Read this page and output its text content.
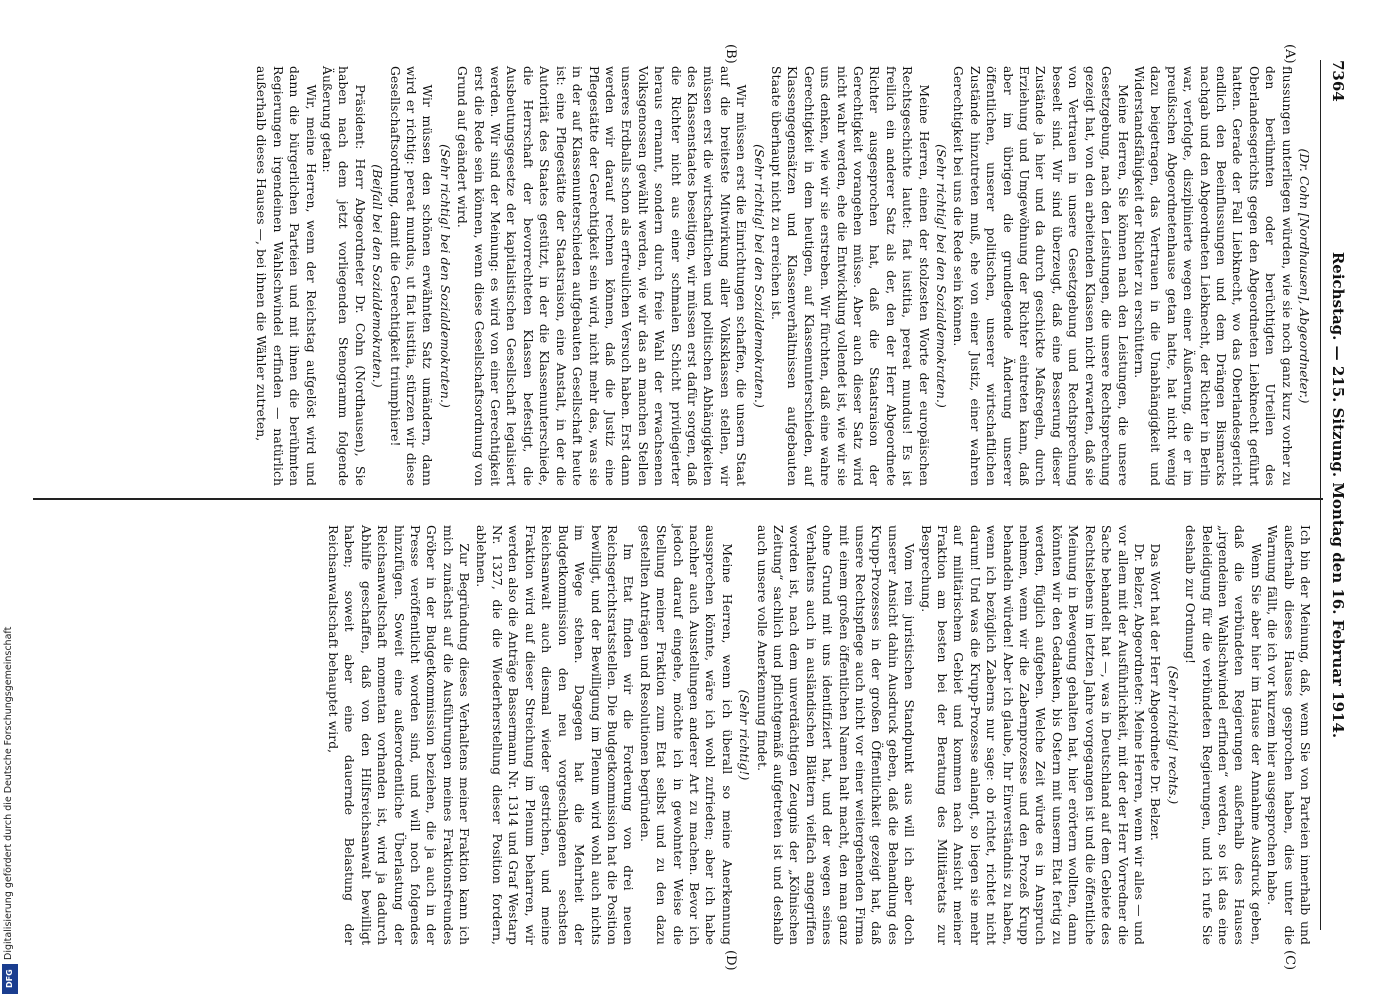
Digitalisierung gefördert durch die Deutsche Forschungsgemeinschaft
DFG
7364
Reichstag. — 215. Sitzung. Montag den 16. Februar 1914.
(A)
(B)
(C)
(D)

(Dr. Cohn [Nordhausen], Abgeordneter.)

flussungen unterliegen würden, wie sie noch ganz kurz vorher zu den berühmten oder berüchtigten Urteilen des Oberlandesgerichts gegen den Abgeordneten Liebknecht geführt hatten. Gerade der Fall Liebknecht, wo das Oberlandesgericht endlich den Beeinflussungen und dem Drängen Bismarcks nachgab und den Abgeordneten Liebknecht, der Richter in Berlin war, verfolgte, disziplinierte wegen einer Äußerung, die er im preußischen Abgeordnetenhause getan hatte, hat nicht wenig dazu beigetragen, das Vertrauen in die Unabhängigkeit und Widerstandsfähigkeit der Richter zu erschüttern.

Meine Herren, Sie können nach den Leistungen, die unsere Gesetzgebung, nach den Leistungen, die unsere Rechtsprechung gezeigt hat, von den arbeitenden Klassen nicht erwarten, daß sie von Vertrauen in unsere Gesetzgebung und Rechtsprechung beseelt sind. Wir sind überzeugt, daß eine Besserung dieser Zustände ja hier und da durch geschickte Maßregeln, durch Erziehung und Umgewöhnung der Richter eintreten kann, daß aber im übrigen die grundlegende Änderung unserer öffentlichen, unserer politischen, unserer wirtschaftlichen Zustände hinzutreten muß, ehe von einer Justiz, einer wahren Gerechtigkeit bei uns die Rede sein können.

(Sehr richtig! bei den Sozialdemokraten.)

Meine Herren, einen der stolzesten Worte der europäischen Rechtsgeschichte lautet: fiat iustitia, pereat mundus! Es ist freilich ein anderer Satz als der, den der Herr Abgeordnete Richter ausgesprochen hat, daß die Staatsraison der Gerechtigkeit vorangehen müsse. Aber auch dieser Satz wird nicht wahr werden, ehe die Entwicklung vollendet ist, wie wir sie uns denken, wie wir sie erstreben. Wir fürchten, daß eine wahre Gerechtigkeit in dem heutigen, auf Klassenunterschieden, auf Klassengegensätzen und Klassenverhältnissen aufgebauten Staate überhaupt nicht zu erreichen ist.

(Sehr richtig! bei den Sozialdemokraten.)

Wir müssen erst die Einrichtungen schaffen, die unsern Staat auf die breiteste Mitwirkung aller Volksklassen stellen, wir müssen erst die wirtschaftlichen und politischen Abhängigkeiten des Klassenstaates beseitigen, wir müssen erst dafür sorgen, daß die Richter nicht aus einer schmalen Schicht privilegierter heraus ernannt, sondern durch freie Wahl der erwachsenen Volksgenossen gewählt werden, wie wir das an manchen Stellen unseres Erdballs schon als erfreulichen Versuch haben. Erst dann werden wir darauf rechnen können, daß die Justiz eine Pflegestätte der Gerechtigkeit sein wird, nicht mehr das, was sie in der auf Klassenunterschieden aufgebauten Gesellschaft heute ist: eine Pflegestätte der Staatsraison, eine Anstalt, in der die Autorität des Staates gestützt, in der die Klassenunterschiede, die Herrschaft der bevorrechteten Klassen befestigt, die Ausbeutungsgesetze der kapitalistischen Gesellschaft legalisiert werden. Wir sind der Meinung: es wird von einer Gerechtigkeit erst die Rede sein können, wenn diese Gesellschaftsordnung von Grund auf geändert wird.

(Sehr richtig! bei den Sozialdemokraten.)

Wir müssen den schönen erwähnten Satz umändern, dann wird er richtig: pereat mundus, ut fiat iustitia, stürzen wir diese Gesellschaftsordnung, damit die Gerechtigkeit triumphiere!

(Beifall bei den Sozialdemokraten.)

Präsident: Herr Abgeordneter Dr. Cohn (Nordhausen), Sie haben nach dem jetzt vorliegenden Stenogramm folgende Äußerung getan:

Wir, meine Herren, wenn der Reichstag aufgelöst wird und dann die bürgerlichen Parteien und mit ihnen die berühmten Regierungen irgendeinen Wahlschwindel erfinden — natürlich außerhalb dieses Hauses —, bei ihnen die Wähler zutreten,

Ich bin der Meinung, daß, wenn Sie von Parteien innerhalb und außerhalb dieses Hauses gesprochen haben, dies unter die Warnung fällt, die ich vor kurzem hier ausgesprochen habe.

Wenn Sie aber hier im Hause der Annahme Ausdruck geben, daß die verbündeten Regierungen außerhalb des Hauses „irgendeinen Wahlschwindel erfinden“ werden, so ist das eine Beleidigung für die verbündeten Regierungen, und ich rufe Sie deshalb zur Ordnung!

(Sehr richtig! rechts.)

Das Wort hat der Herr Abgeordnete Dr. Belzer.

Dr. Belzer, Abgeordneter: Meine Herren, wenn wir alles — und vor allem mit der Ausführlichkeit, mit der der Herr Vorredner die Sache behandelt hat —, was in Deutschland auf dem Gebiete des Rechtslebens im letzten Jahre vorgegangen ist und die öffentliche Meinung in Bewegung gehalten hat, hier erörtern wollten, dann könnten wir den Gedanken, bis Ostern mit unserm Etat fertig zu werden, füglich aufgeben. Welche Zeit würde es in Anspruch nehmen, wenn wir die Zabernprozesse und den Prozeß Krupp behandeln würden! Aber ich glaube, Ihr Einverständnis zu haben, wenn ich bezüglich Zaberns nur sage: ob richtet, richtet nicht darum! Und was die Krupp-Prozesse anlangt, so liegen sie mehr auf militärischem Gebiet und kommen nach Ansicht meiner Fraktion am besten bei der Beratung des Militäretats zur Besprechung.

Vom rein juristischen Standpunkt aus will ich aber doch unserer Ansicht dahin Ausdruck geben, daß die Behandlung des Krupp-Prozesses in der großen Öffentlichkeit gezeigt hat, daß unsere Rechtspflege auch nicht vor einer weitergehenden Firma mit einem großen öffentlichen Namen halt macht, den man ganz ohne Grund mit uns identifiziert hat, und der wegen seines Verhaltens auch in ausländischen Blättern vielfach angegriffen worden ist, nach dem unverdächtigen Zeugnis der „Kölnischen Zeitung“ sachlich und pflichtgemäß aufgetreten ist und deshalb auch unsere volle Anerkennung findet.

(Sehr richtig!)

Meine Herren, wenn ich überall so meine Anerkennung aussprechen könnte, wäre ich wohl zufrieden; aber ich habe nachher auch Ausstellungen anderer Art zu machen. Bevor ich jedoch darauf eingehe, möchte ich in gewohnter Weise die Stellung meiner Fraktion zum Etat selbst und zu den dazu gestellten Anträgen und Resolutionen begründen.

Im Etat finden wir die Forderung von drei neuen Reichsgerichtsratsstellen. Die Budgetkommission hat die Position bewilligt, und der Bewilligung im Plenum wird wohl auch nichts im Wege stehen. Dagegen hat die Mehrheit der Budgetkommission den neu vorgeschlagenen sechsten Reichsanwalt auch diesmal wieder gestrichen, und meine Fraktion wird auf dieser Streichung im Plenum beharren, wir werden also die Anträge Bassermann Nr. 1314 und Graf Westarp Nr. 1327, die die Wiederherstellung dieser Position fordern, ablehnen.

Zur Begründung dieses Verhaltens meiner Fraktion kann ich mich zunächst auf die Ausführungen meines Fraktionsfreundes Gröber in der Budgetkommission beziehen, die ja auch in der Presse veröffentlicht worden sind, und will noch folgendes hinzufügen. Soweit eine außerordentliche Überlastung der Reichsanwaltschaft momentan vorhanden ist, wird ja dadurch Abhilfe geschaffen, daß von den Hilfsreichsanwalt bewilligt haben; soweit aber eine dauernde Belastung der Reichsanwaltschaft behauptet wird,
